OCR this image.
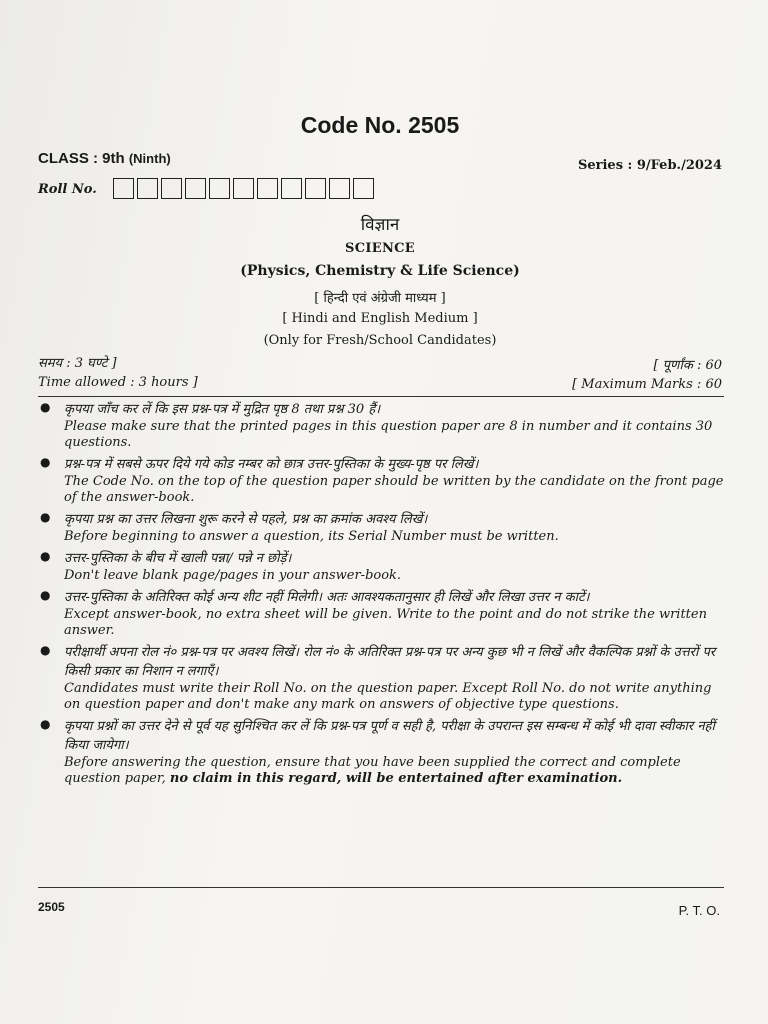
Code No. 2505
CLASS : 9th (Ninth)	Series : 9/Feb./2024
Roll No.
विज्ञान
SCIENCE
(Physics, Chemistry & Life Science)
[ हिन्दी एवं अंग्रेजी माध्यम ]
[ Hindi and English Medium ]
(Only for Fresh/School Candidates)
समय : 3 घण्टे ]	[ पूर्णांक : 60
Time allowed : 3 hours ]	[ Maximum Marks : 60
● कृपया जाँच कर लें कि इस प्रश्न-पत्र में मुद्रित पृष्ठ 8 तथा प्रश्न 30 हैं।

Please make sure that the printed pages in this question paper are 8 in number and it contains 30 questions.

● प्रश्न-पत्र में सबसे ऊपर दिये गये कोड नम्बर को छात्र उत्तर-पुस्तिका के मुख्य-पृष्ठ पर लिखें।

The Code No. on the top of the question paper should be written by the candidate on the front page of the answer-book.

● कृपया प्रश्न का उत्तर लिखना शुरू करने से पहले, प्रश्न का क्रमांक अवश्य लिखें।

Before beginning to answer a question, its Serial Number must be written.

● उत्तर-पुस्तिका के बीच में खाली पन्ना/ पन्ने न छोड़ें।

Don't leave blank page/pages in your answer-book.

● उत्तर-पुस्तिका के अतिरिक्त कोई अन्य शीट नहीं मिलेगी। अतः आवश्यकतानुसार ही लिखें और लिखा उत्तर न काटें।

Except answer-book, no extra sheet will be given. Write to the point and do not strike the written answer.

● परीक्षार्थी अपना रोल नं० प्रश्न-पत्र पर अवश्य लिखें। रोल नं० के अतिरिक्त प्रश्न-पत्र पर अन्य कुछ भी न लिखें और वैकल्पिक प्रश्नों के उत्तरों पर किसी प्रकार का निशान न लगाएँ।

Candidates must write their Roll No. on the question paper. Except Roll No. do not write anything on question paper and don't make any mark on answers of objective type questions.

● कृपया प्रश्नों का उत्तर देने से पूर्व यह सुनिश्चित कर लें कि प्रश्न-पत्र पूर्ण व सही है, परीक्षा के उपरान्त इस सम्बन्ध में कोई भी दावा स्वीकार नहीं किया जायेगा।

Before answering the question, ensure that you have been supplied the correct and complete question paper, no claim in this regard, will be entertained after examination.

2505	P. T. O.
